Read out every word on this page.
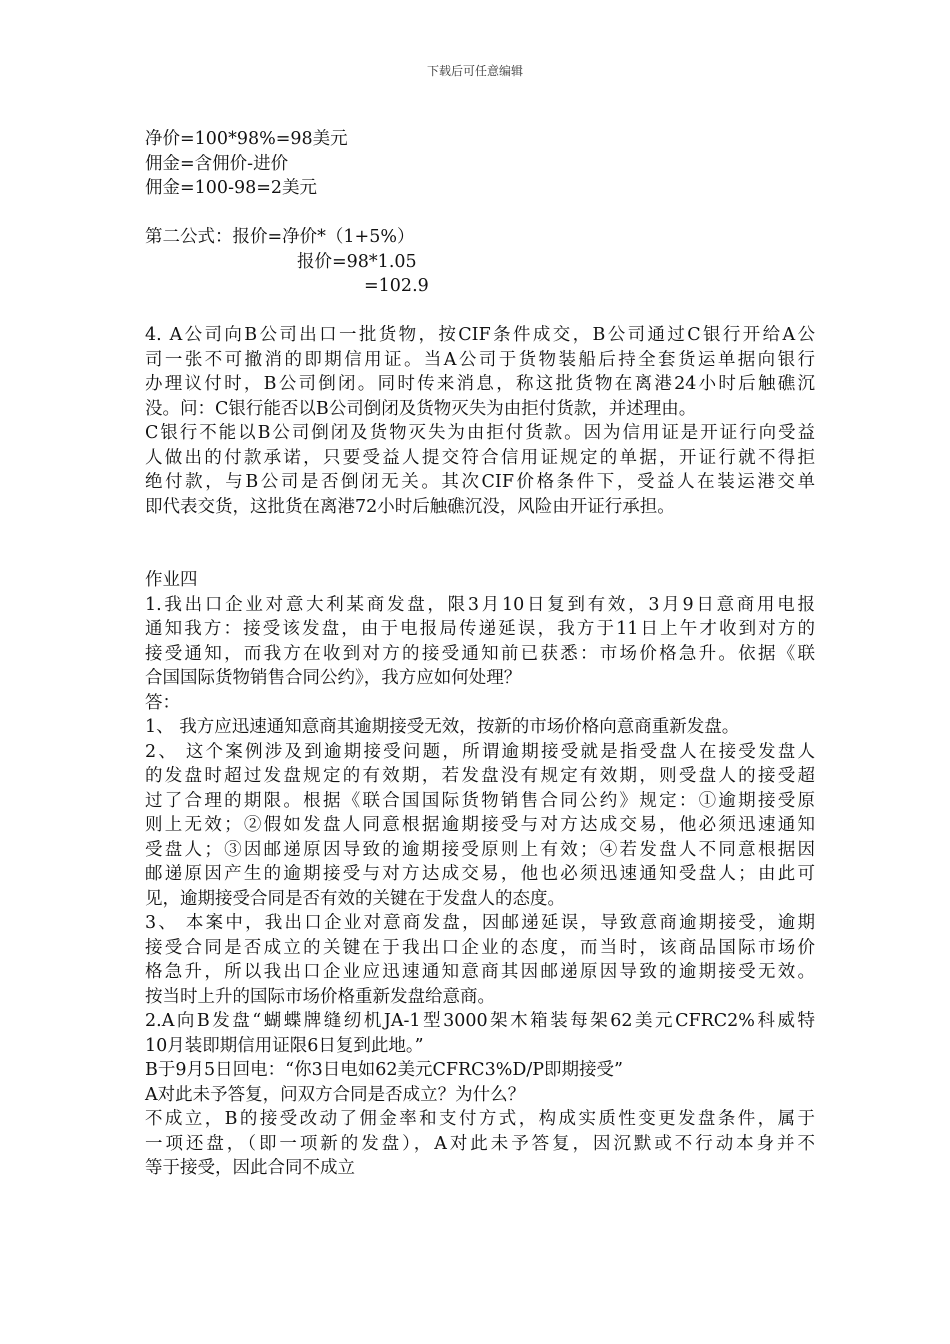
下载后可任意编辑
净价=100*98%=98美元
佣金=含佣价-进价
佣金=100-98=2美元
第二公式：报价=净价*（1+5%）
报价=98*1.05
=102.9
4. A公司向B公司出口一批货物，按CIF条件成交，B公司通过C银行开给A公
司一张不可撤消的即期信用证。当A公司于货物装船后持全套货运单据向银行
办理议付时，B公司倒闭。同时传来消息，称这批货物在离港24小时后触礁沉
没。问：C银行能否以B公司倒闭及货物灭失为由拒付货款，并述理由。
C银行不能以B公司倒闭及货物灭失为由拒付货款。因为信用证是开证行向受益
人做出的付款承诺，只要受益人提交符合信用证规定的单据，开证行就不得拒
绝付款，与B公司是否倒闭无关。其次CIF价格条件下，受益人在装运港交单
即代表交货，这批货在离港72小时后触礁沉没，风险由开证行承担。
作业四
1.我出口企业对意大利某商发盘，限3月10日复到有效，3月9日意商用电报
通知我方：接受该发盘，由于电报局传递延误，我方于11日上午才收到对方的
接受通知，而我方在收到对方的接受通知前已获悉：市场价格急升。依据《联
合国国际货物销售合同公约》，我方应如何处理？
答：
1、 我方应迅速通知意商其逾期接受无效，按新的市场价格向意商重新发盘。
2、 这个案例涉及到逾期接受问题，所谓逾期接受就是指受盘人在接受发盘人
的发盘时超过发盘规定的有效期，若发盘没有规定有效期，则受盘人的接受超
过了合理的期限。根据《联合国国际货物销售合同公约》规定：①逾期接受原
则上无效；②假如发盘人同意根据逾期接受与对方达成交易，他必须迅速通知
受盘人；③因邮递原因导致的逾期接受原则上有效；④若发盘人不同意根据因
邮递原因产生的逾期接受与对方达成交易，他也必须迅速通知受盘人；由此可
见，逾期接受合同是否有效的关键在于发盘人的态度。
3、 本案中，我出口企业对意商发盘，因邮递延误，导致意商逾期接受，逾期
接受合同是否成立的关键在于我出口企业的态度，而当时，该商品国际市场价
格急升，所以我出口企业应迅速通知意商其因邮递原因导致的逾期接受无效。
按当时上升的国际市场价格重新发盘给意商。
2.A向B发盘“蝴蝶牌缝纫机JA-1型3000架木箱装每架62美元CFRC2%科威特
10月装即期信用证限6日复到此地。”
B于9月5日回电：“你3日电如62美元CFRC3%D/P即期接受”
A对此未予答复，问双方合同是否成立？为什么？
不成立，B的接受改动了佣金率和支付方式，构成实质性变更发盘条件，属于
一项还盘，（即一项新的发盘），A对此未予答复，因沉默或不行动本身并不
等于接受，因此合同不成立
